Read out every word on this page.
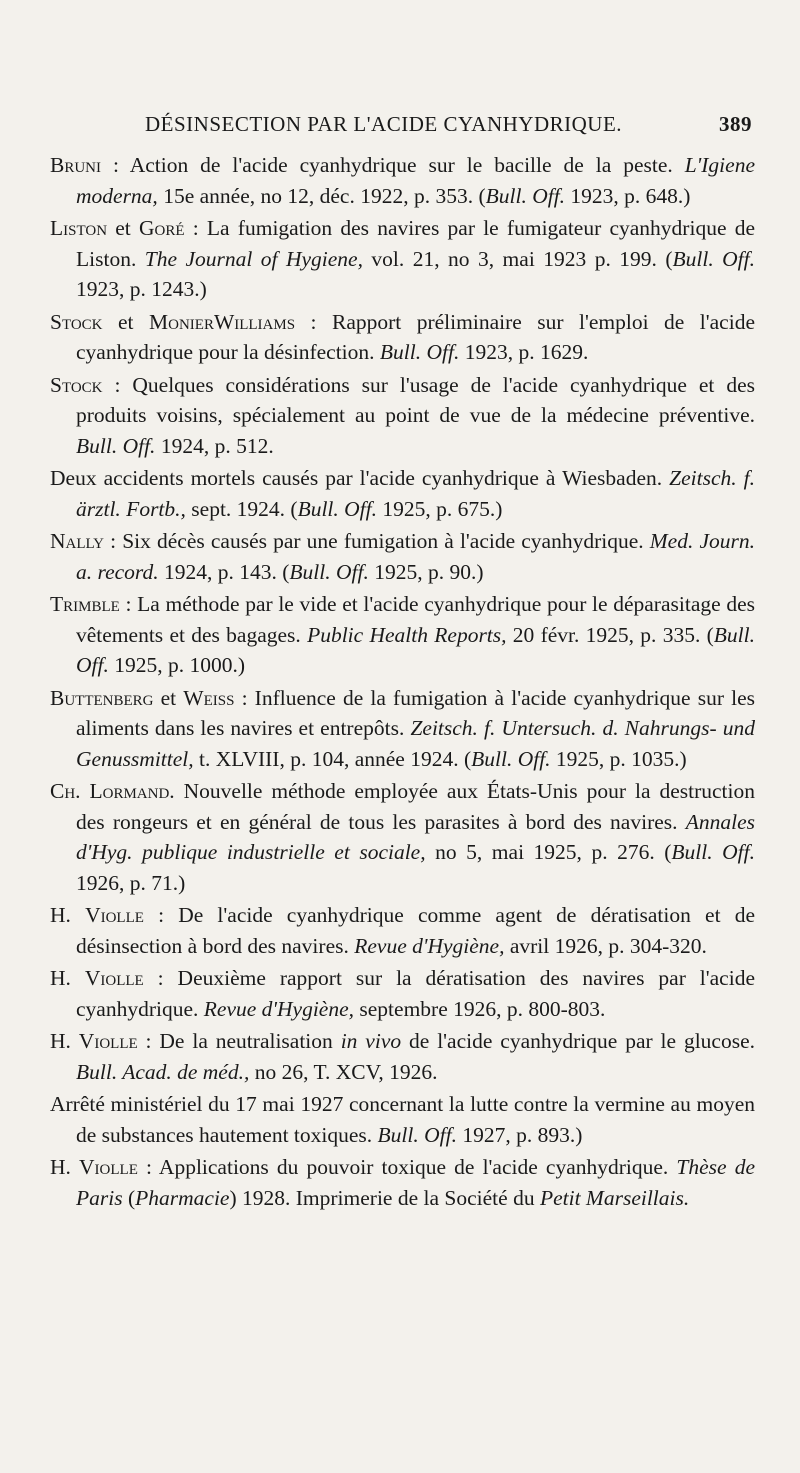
DÉSINSECTION PAR L'ACIDE CYANHYDRIQUE.	389

Bruni : Action de l'acide cyanhydrique sur le bacille de la peste. L'Igiene moderna, 15e année, no 12, déc. 1922, p. 353. (Bull. Off. 1923, p. 648.)

Liston et Goré : La fumigation des navires par le fumigateur cyanhydrique de Liston. The Journal of Hygiene, vol. 21, no 3, mai 1923 p. 199. (Bull. Off. 1923, p. 1243.)

Stock et MonierWilliams : Rapport préliminaire sur l'emploi de l'acide cyanhydrique pour la désinfection. Bull. Off. 1923, p. 1629.

Stock : Quelques considérations sur l'usage de l'acide cyanhydrique et des produits voisins, spécialement au point de vue de la médecine préventive. Bull. Off. 1924, p. 512.

Deux accidents mortels causés par l'acide cyanhydrique à Wiesbaden. Zeitsch. f. ärztl. Fortb., sept. 1924. (Bull. Off. 1925, p. 675.)

Nally : Six décès causés par une fumigation à l'acide cyanhydrique. Med. Journ. a. record. 1924, p. 143. (Bull. Off. 1925, p. 90.)

Trimble : La méthode par le vide et l'acide cyanhydrique pour le déparasitage des vêtements et des bagages. Public Health Reports, 20 févr. 1925, p. 335. (Bull. Off. 1925, p. 1000.)

Buttenberg et Weiss : Influence de la fumigation à l'acide cyanhydrique sur les aliments dans les navires et entrepôts. Zeitsch. f. Untersuch. d. Nahrungs- und Genussmittel, t. XLVIII, p. 104, année 1924. (Bull. Off. 1925, p. 1035.)

Ch. Lormand. Nouvelle méthode employée aux États-Unis pour la destruction des rongeurs et en général de tous les parasites à bord des navires. Annales d'Hyg. publique industrielle et sociale, no 5, mai 1925, p. 276. (Bull. Off. 1926, p. 71.)

H. Violle : De l'acide cyanhydrique comme agent de dératisation et de désinsection à bord des navires. Revue d'Hygiène, avril 1926, p. 304-320.

H. Violle : Deuxième rapport sur la dératisation des navires par l'acide cyanhydrique. Revue d'Hygiène, septembre 1926, p. 800-803.

H. Violle : De la neutralisation in vivo de l'acide cyanhydrique par le glucose. Bull. Acad. de méd., no 26, T. XCV, 1926.

Arrêté ministériel du 17 mai 1927 concernant la lutte contre la vermine au moyen de substances hautement toxiques. Bull. Off. 1927, p. 893.)

H. Violle : Applications du pouvoir toxique de l'acide cyanhydrique. Thèse de Paris (Pharmacie) 1928. Imprimerie de la Société du Petit Marseillais.
